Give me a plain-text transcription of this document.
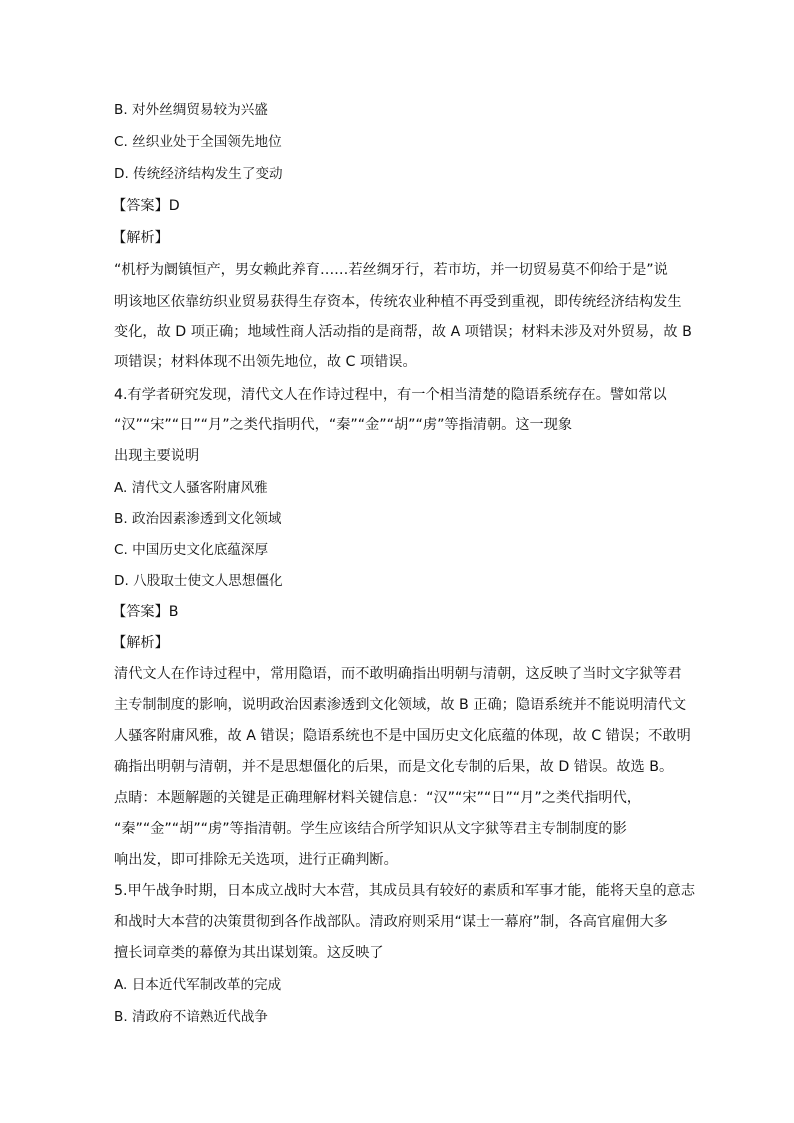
B. 对外丝绸贸易较为兴盛
C. 丝织业处于全国领先地位
D. 传统经济结构发生了变动
【答案】D
【解析】
“机杼为阛镇恒产，男女赖此养育……若丝绸牙行，若市坊，并一切贸易莫不仰给于是”说
明该地区依靠纺织业贸易获得生存资本，传统农业种植不再受到重视，即传统经济结构发生
变化，故 D 项正确；地域性商人活动指的是商帮，故 A 项错误；材料未涉及对外贸易，故 B
项错误；材料体现不出领先地位，故 C 项错误。
4.有学者研究发现，清代文人在作诗过程中，有一个相当清楚的隐语系统存在。譬如常以
“汉”“宋”“日”“月”之类代指明代，“秦”“金”“胡”“虏”等指清朝。这一现象
出现主要说明
A. 清代文人骚客附庸风雅
B. 政治因素渗透到文化领域
C. 中国历史文化底蕴深厚
D. 八股取士使文人思想僵化
【答案】B
【解析】
清代文人在作诗过程中，常用隐语，而不敢明确指出明朝与清朝，这反映了当时文字狱等君
主专制制度的影响，说明政治因素渗透到文化领域，故 B 正确；隐语系统并不能说明清代文
人骚客附庸风雅，故 A 错误；隐语系统也不是中国历史文化底蕴的体现，故 C 错误；不敢明
确指出明朝与清朝，并不是思想僵化的后果，而是文化专制的后果，故 D 错误。故选 B。
点睛：本题解题的关键是正确理解材料关键信息：“汉”“宋”“日”“月”之类代指明代，
“秦”“金”“胡”“虏”等指清朝。学生应该结合所学知识从文字狱等君主专制制度的影
响出发，即可排除无关选项，进行正确判断。
5.甲午战争时期，日本成立战时大本营，其成员具有较好的素质和军事才能，能将天皇的意志
和战时大本营的决策贯彻到各作战部队。清政府则采用“谋士一幕府”制，各高官雇佣大多
擅长词章类的幕僚为其出谋划策。这反映了
A. 日本近代军制改革的完成
B. 清政府不谙熟近代战争
